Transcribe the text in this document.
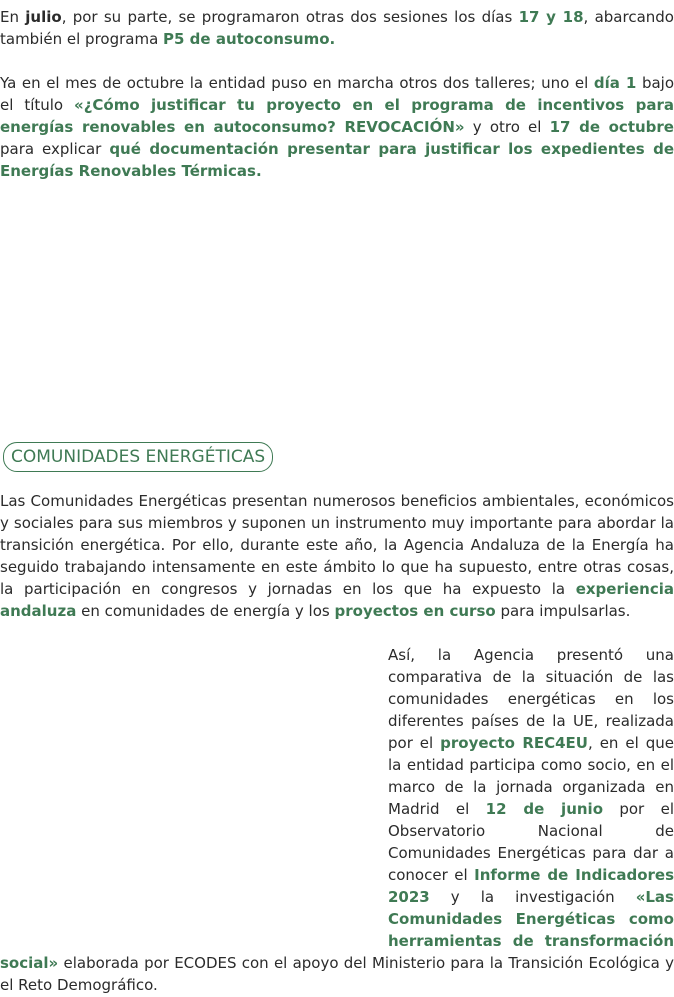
En julio, por su parte, se programaron otras dos sesiones los días 17 y 18, abarcando también el programa P5 de autoconsumo.

Ya en el mes de octubre la entidad puso en marcha otros dos talleres; uno el día 1 bajo el título «¿Cómo justificar tu proyecto en el programa de incentivos para energías renovables en autoconsumo? REVOCACIÓN» y otro el 17 de octubre para explicar qué documentación presentar para justificar los expedientes de Energías Renovables Térmicas.

COMUNIDADES ENERGÉTICAS

Las Comunidades Energéticas presentan numerosos beneficios ambientales, económicos y sociales para sus miembros y suponen un instrumento muy importante para abordar la transición energética. Por ello, durante este año, la Agencia Andaluza de la Energía ha seguido trabajando intensamente en este ámbito lo que ha supuesto, entre otras cosas, la participación en congresos y jornadas en los que ha expuesto la experiencia andaluza en comunidades de energía y los proyectos en curso para impulsarlas.

Así, la Agencia presentó una comparativa de la situación de las comunidades energéticas en los diferentes países de la UE, realizada por el proyecto REC4EU, en el que la entidad participa como socio, en el marco de la jornada organizada en Madrid el 12 de junio por el Observatorio Nacional de Comunidades Energéticas para dar a conocer el Informe de Indicadores 2023 y la investigación «Las Comunidades Energéticas como herramientas de transformación social» elaborada por ECODES con el apoyo del Ministerio para la Transición Ecológica y el Reto Demográfico.
